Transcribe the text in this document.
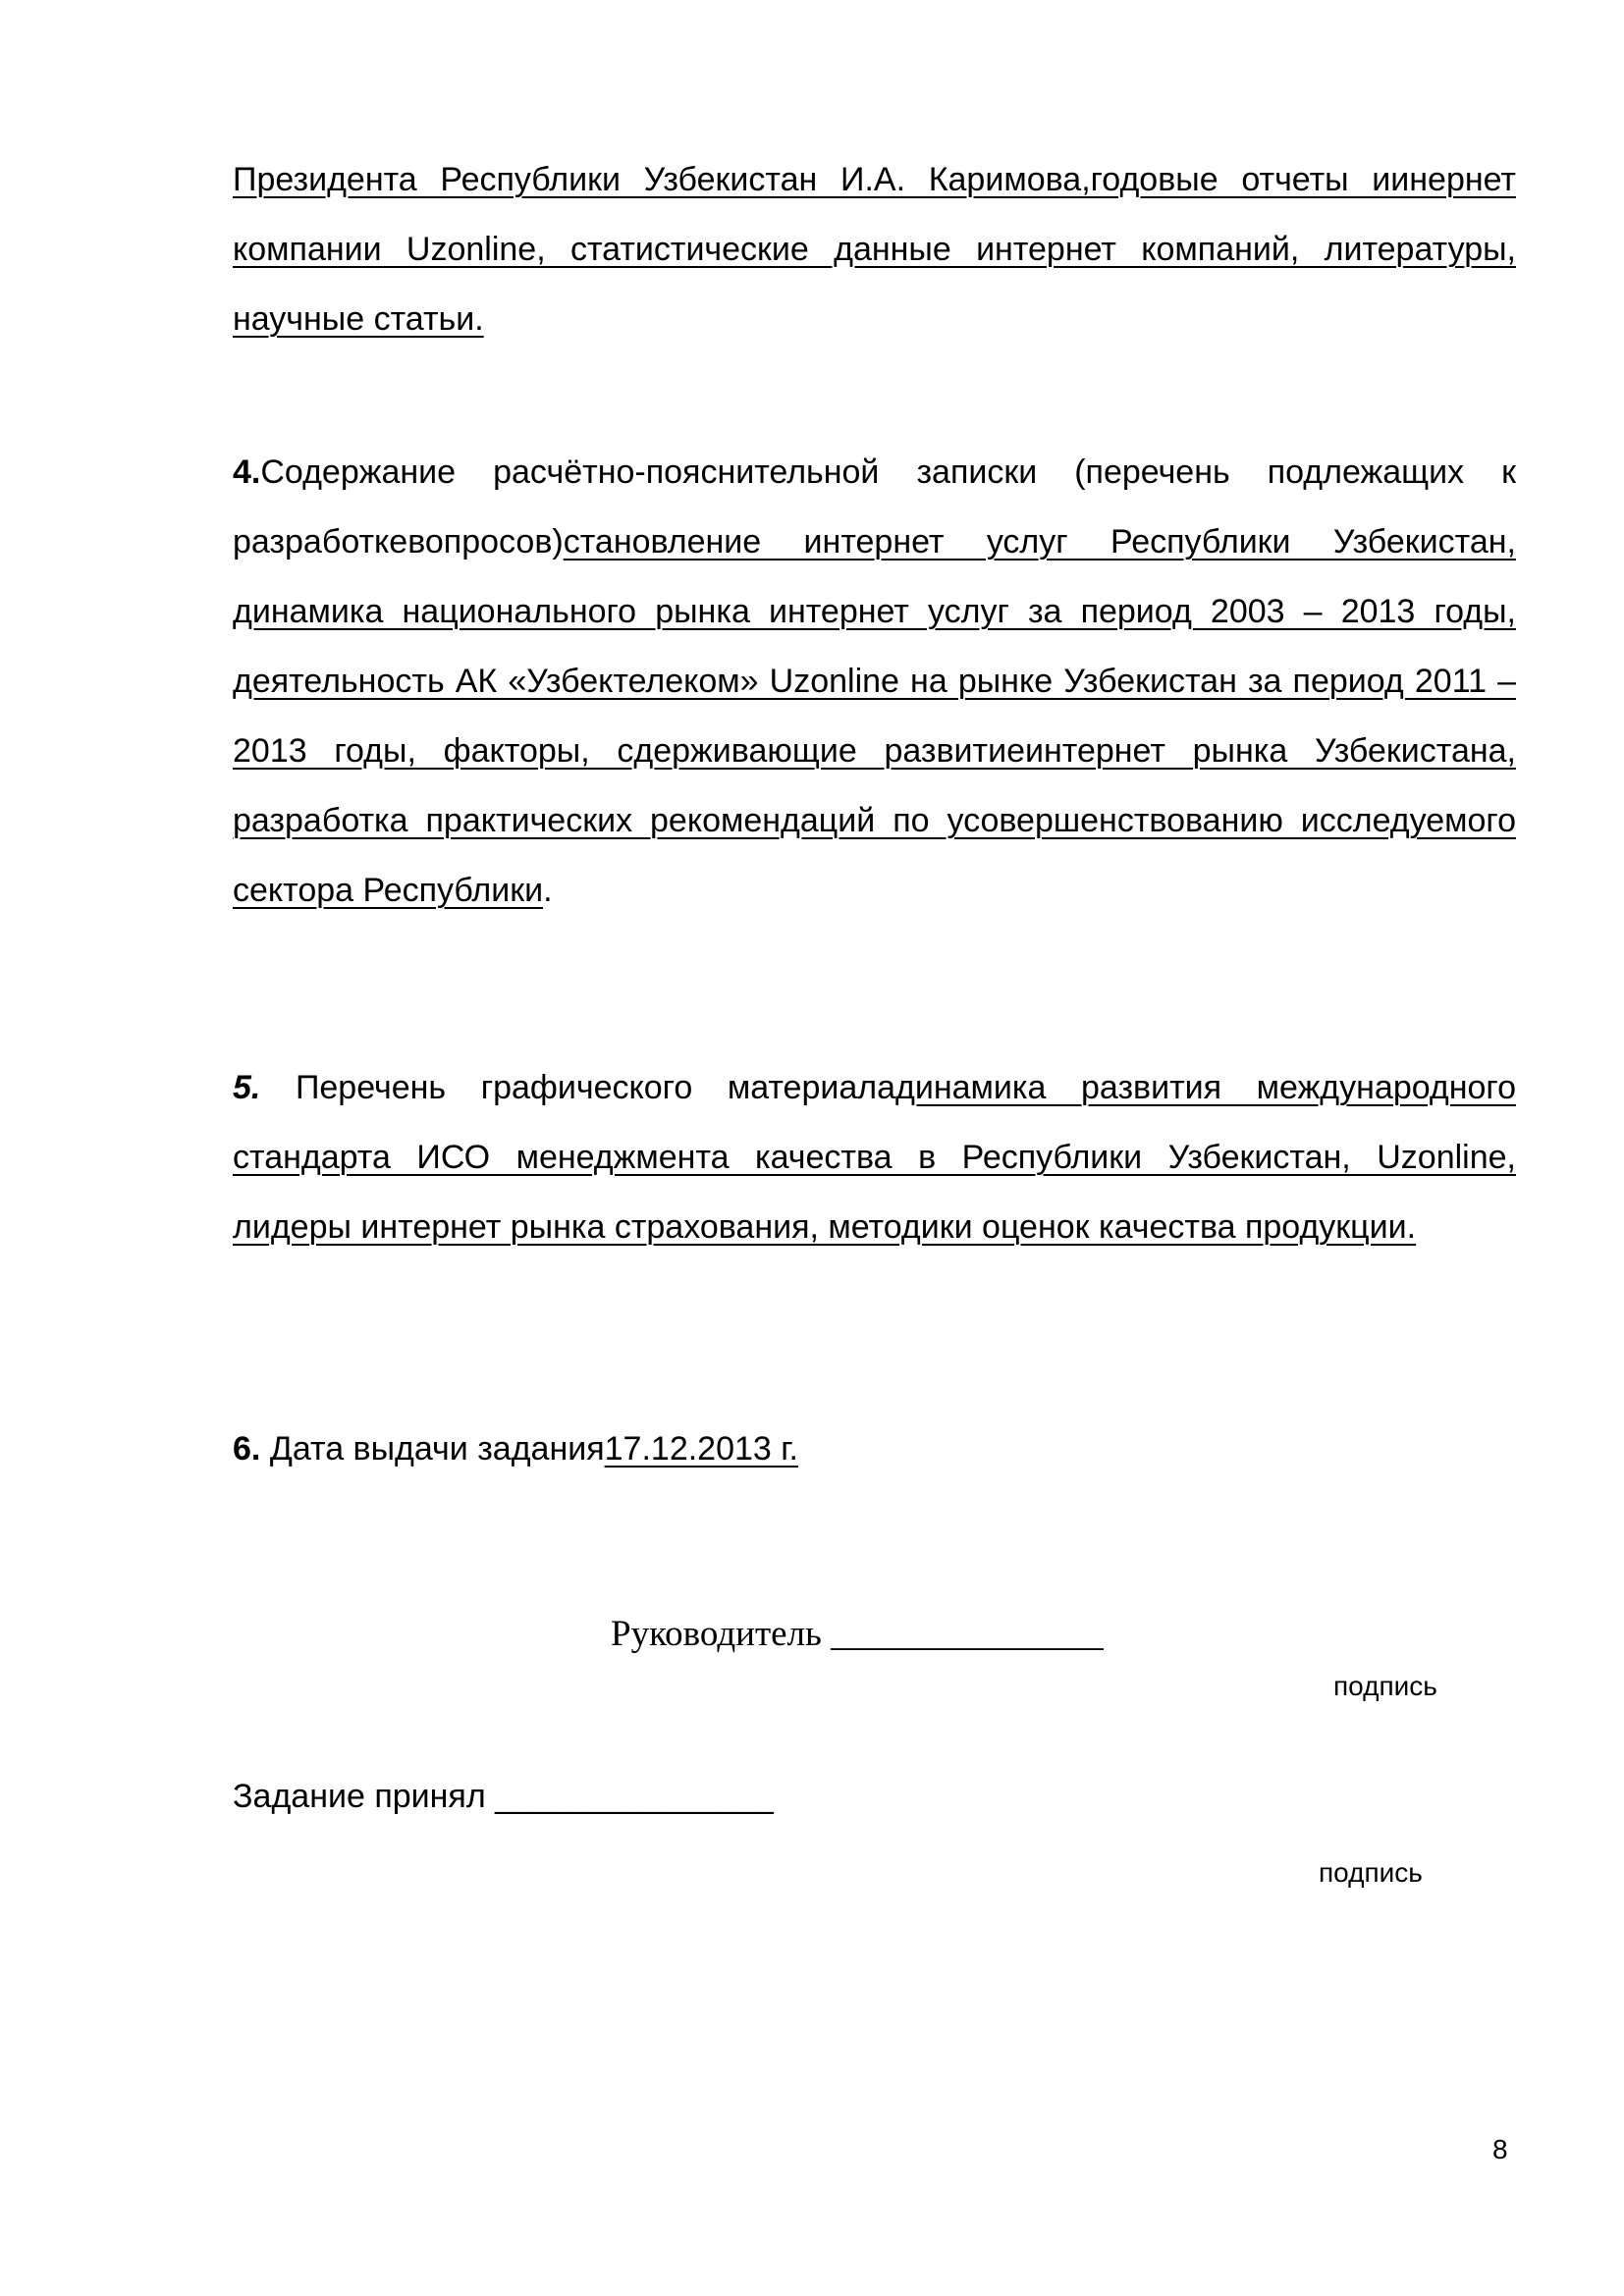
Президента Республики Узбекистан И.А. Каримова,годовые отчеты иинернет компании Uzonline, статистические данные интернет компаний, литературы, научные статьи.
4.Содержание расчётно-пояснительной записки (перечень подлежащих к разработкевопросов)становление интернет услуг Республики Узбекистан, динамика национального рынка интернет услуг за период 2003 – 2013 годы, деятельность АК «Узбектелеком» Uzonline на рынке Узбекистан за период 2011 – 2013 годы, факторы, сдерживающие развитиеинтернет рынка Узбекистана, разработка практических рекомендаций по усовершенствованию исследуемого сектора Республики.
5. Перечень графического материаладинамика развития международного стандарта ИСО менеджмента качества в Республики Узбекистан, Uzonline, лидеры интернет рынка страхования, методики оценок качества продукции.
6. Дата выдачи задания17.12.2013 г.
Руководитель _______________
подпись
Задание принял _______________
подпись
8
